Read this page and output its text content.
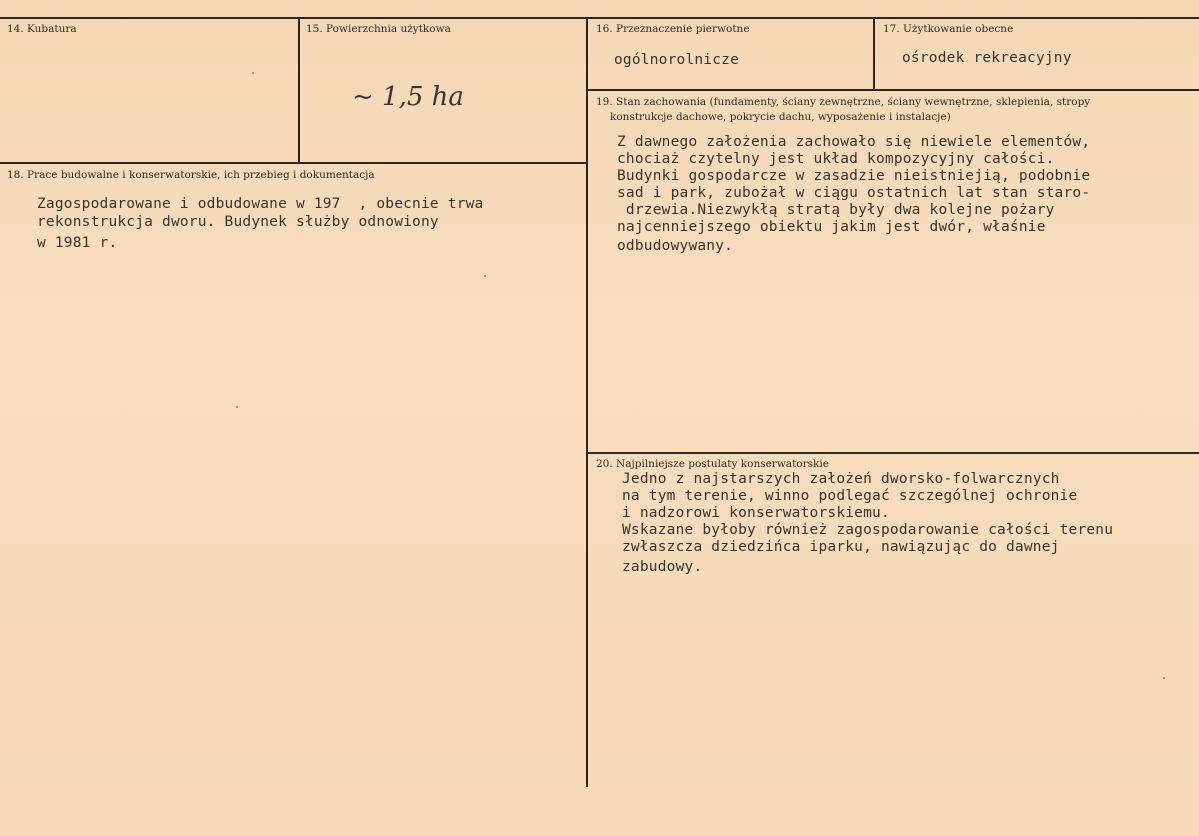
14. Kubatura	15. Powierzchnia użytkowa
~ 1,5 ha
16. Przeznaczenie pierwotne
ogólnorolnicze
17. Użytkowanie obecne
ośrodek rekreacyjny
18. Prace budowalne i konserwatorskie, ich przebieg i dokumentacja
Zagospodarowane i odbudowane w 197  , obecnie trwa
rekonstrukcja dworu. Budynek służby odnowiony
w 1981 r.
19. Stan zachowania (fundamenty, ściany zewnętrzne, ściany wewnętrzne, sklepienia, stropy
konstrukcje dachowe, pokrycie dachu, wyposażenie i instalacje)
Z dawnego założenia zachowało się niewiele elementów,
chociaż czytelny jest układ kompozycyjny całości.
Budynki gospodarcze w zasadzie nieistniejią, podobnie
sad i park, zubożał w ciągu ostatnich lat stan staro-
drzewia.Niezwykłą stratą były dwa kolejne pożary
najcenniejszego obiektu jakim jest dwór, właśnie
odbudowywany.
20. Najpilniejsze postulaty konserwatorskie
Jedno z najstarszych założeń dworsko-folwarcznych
na tym terenie, winno podlegać szczególnej ochronie
i nadzorowi konserwatorskiemu.
Wskazane byłoby również zagospodarowanie całości terenu
zwłaszcza dziedzińca iparku, nawiązując do dawnej
zabudowy.
